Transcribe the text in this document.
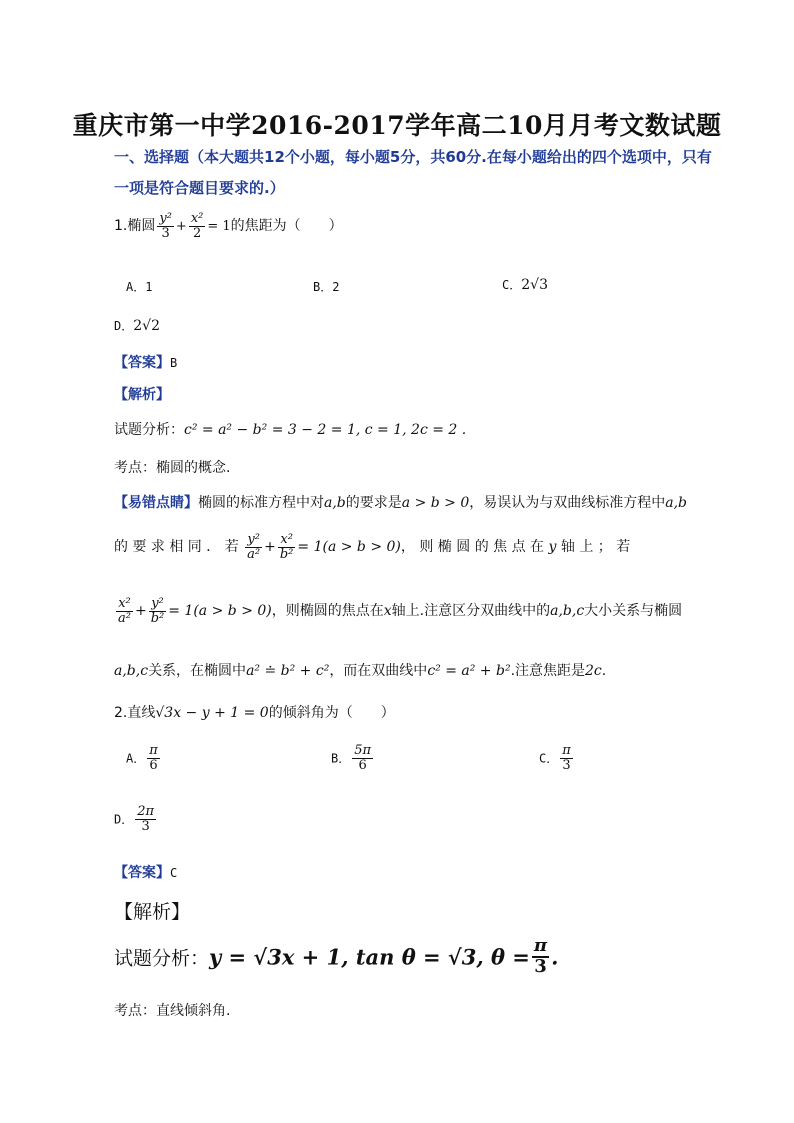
重庆市第一中学2016-2017学年高二10月月考文数试题
一、选择题（本大题共12个小题，每小题5分，共60分.在每小题给出的四个选项中，只有
一项是符合题目要求的.）
1.椭圆 $\frac{\text{y²}}{3} + \frac{\text{x²}}{2} = 1$的焦距为（　　）
A．1	B．2	C．2√3
D．2√2
【答案】B
【解析】
试题分析：c² = a² − b² = 3 − 2 = 1, c = 1, 2c = 2 .
考点：椭圆的概念.
【易错点睛】椭圆的标准方程中对a,b的要求是a > b > 0，易误认为与双曲线标准方程中a,b
的 要 求 相 同 ． 若 $\frac{\text{y²}}{\text{a²}} + \frac{\text{x²}}{\text{b²}} = 1(a > b > 0)$， 则 椭 圆 的 焦 点 在 y 轴 上 ； 若
$\frac{\text{x²}}{\text{a²}} + \frac{\text{y²}}{\text{b²}} = 1(a > b > 0)$，则椭圆的焦点在x轴上.注意区分双曲线中的a,b,c大小关系与椭圆
a,b,c关系，在椭圆中a² ≐ b² + c²，而在双曲线中c² = a² + b².注意焦距是2c.
2.直线√3x − y + 1 = 0的倾斜角为（　　）
A． $\frac{\pi}{6}$	B． $\frac{5\pi}{6}$	C． $\frac{\pi}{3}$
D． $\frac{2\pi}{3}$
【答案】C
【解析】
试题分析：y = √3x + 1, tan θ = √3, $\theta = \frac{\pi}{3}$ .
考点：直线倾斜角.
